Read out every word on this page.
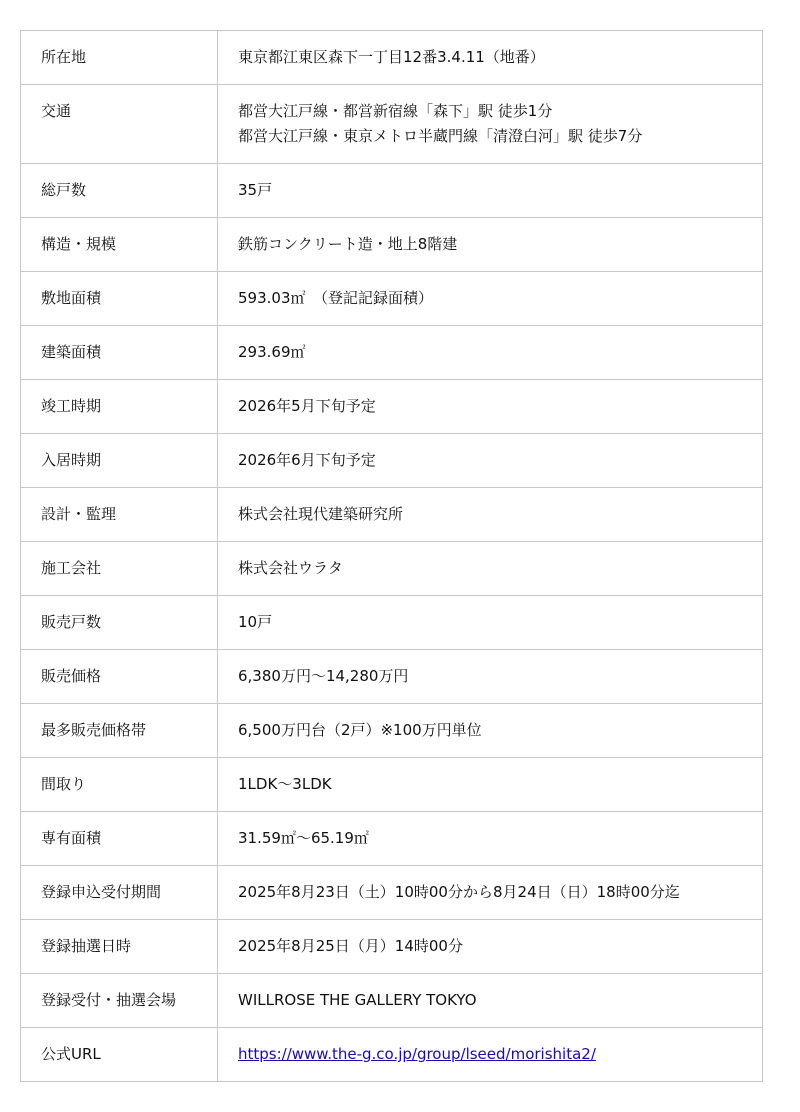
所在地	東京都江東区森下一丁目12番3.4.11（地番）

交通	都営大江戸線・都営新宿線「森下」駅 徒歩1分
都営大江戸線・東京メトロ半蔵門線「清澄白河」駅 徒歩7分

総戸数	35戸

構造・規模	鉄筋コンクリート造・地上8階建

敷地面積	593.03㎡　（登記記録面積）

建築面積	293.69㎡

竣工時期	2026年5月下旬予定

入居時期	2026年6月下旬予定

設計・監理	株式会社現代建築研究所

施工会社	株式会社ウラタ

販売戸数	10戸

販売価格	6,380万円～14,280万円

最多販売価格帯	6,500万円台（2戸）※100万円単位

間取り	1LDK～3LDK

専有面積	31.59㎡～65.19㎡

登録申込受付期間	2025年8月23日（土）10時00分から8月24日（日）18時00分迄

登録抽選日時	2025年8月25日（月）14時00分

登録受付・抽選会場	WILLROSE THE GALLERY TOKYO

公式URL	https://www.the-g.co.jp/group/lseed/morishita2/
